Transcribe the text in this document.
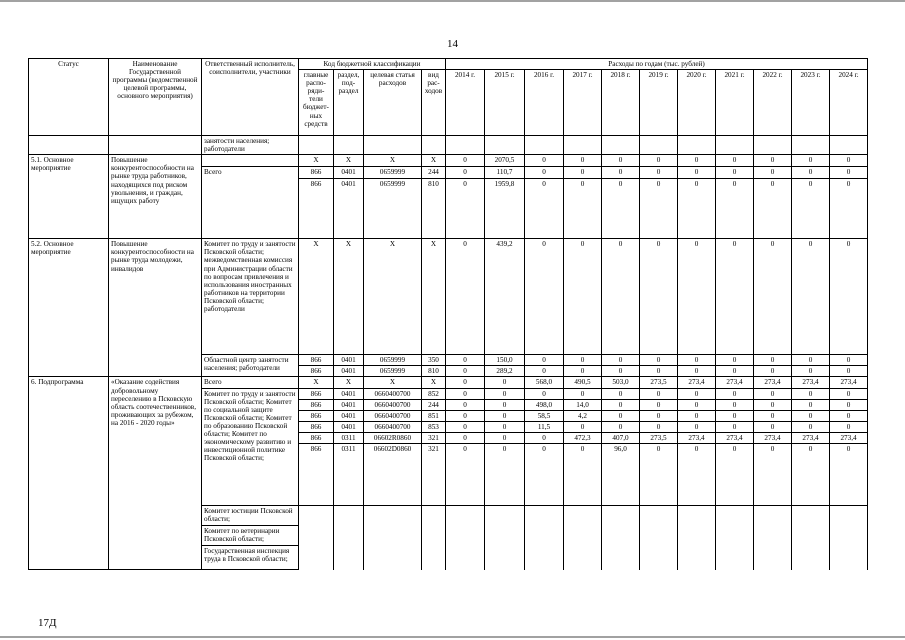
14
Статус	Наименование Государственной программы (ведомственной целевой программы, основного мероприятия)	Ответственный исполнитель, соисполнители, участники	Код бюджетной классификации				Расходы по годам (тыс. рублей)										
			главные распо-ряди-тели бюджет-ных средств	раздел, под-раздел	целевая статья расходов	вид рас-ходов	2014 г.	2015 г.	2016 г.	2017 г.	2018 г.	2019 г.	2020 г.	2021 г.	2022 г.	2023 г.	2024 г.
		занятости населения; работодатели															
5.1. Основное мероприятие	Повышение конкурентоспособности на рынке труда работников, находящихся под риском увольнения, и граждан, ищущих работу		X	X	X	X	0	2070,5	0	0	0	0	0	0	0	0	0
		Всего	866	0401	0659999	244	0	110,7	0	0	0	0	0	0	0	0	0
			866	0401	0659999	810	0	1959,8	0	0	0	0	0	0	0	0	0
5.2. Основное мероприятие	Повышение конкурентоспособности на рынке труда молодежи, инвалидов	Комитет по труду и занятости Псковской области; межведомственная комиссия при Администрации области по вопросам привлечения и использования иностранных работников на территории Псковской области; работодатели	X	X	X	X	0	439,2	0	0	0	0	0	0	0	0	0
		Областной центр занятости населения; работодатели	866	0401	0659999	350	0	150,0	0	0	0	0	0	0	0	0	0
			866	0401	0659999	810	0	289,2	0	0	0	0	0	0	0	0	0
6. Подпрограмма	«Оказание содействия добровольному переселению в Псковскую область соотечественников, проживающих за рубежом, на 2016 - 2020 годы»	Всего	X	X	X	X	0	0	568,0	490,5	503,0	273,5	273,4	273,4	273,4	273,4	273,4
		Комитет по труду и занятости Псковской области; Комитет по социальной защите Псковской области; Комитет по образованию Псковской области; Комитет по экономическому развитию и инвестиционной политике Псковской области;	866	0401	0660400700	852	0	0	0	0	0	0	0	0	0	0	0
			866	0401	0660400700	244	0	0	498,0	14,0	0	0	0	0	0	0	0
			866	0401	0660400700	851	0	0	58,5	4,2	0	0	0	0	0	0	0
			866	0401	0660400700	853	0	0	11,5	0	0	0	0	0	0	0	0
			866	0311	06602R0860	321	0	0	0	472,3	407,0	273,5	273,4	273,4	273,4	273,4	273,4
			866	0311	06602D0860	321	0	0	0	0	96,0	0	0	0	0	0	0
		Комитет юстиции Псковской области;															
		Комитет по ветеринарии Псковской области;															
		Государственная инспекция труда в Псковской области;															
17Д
